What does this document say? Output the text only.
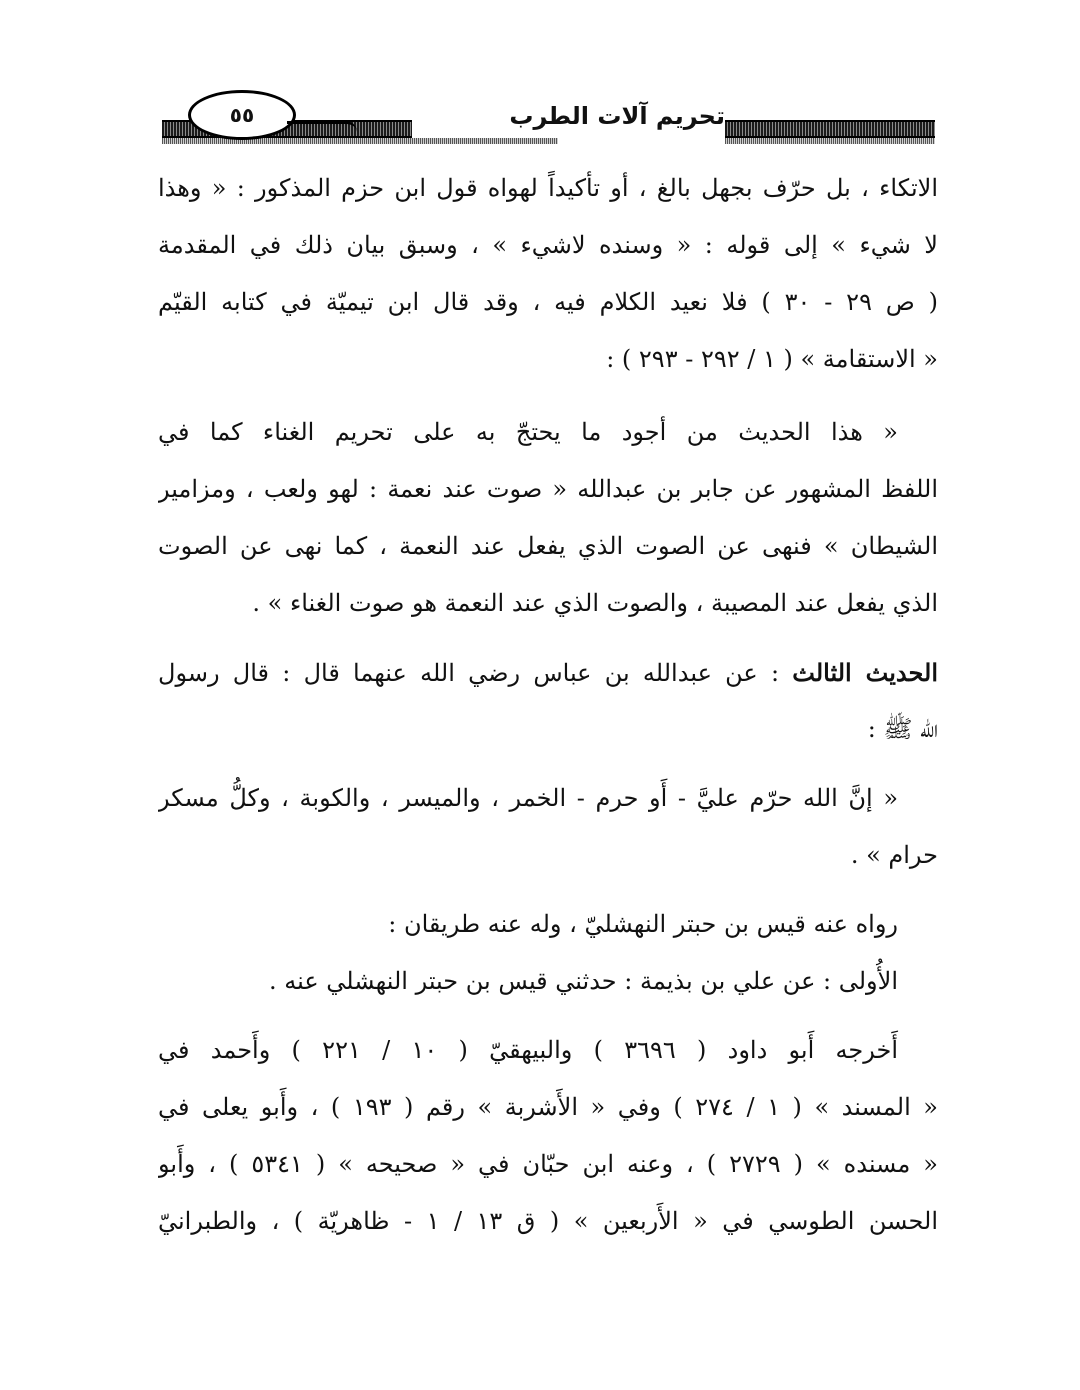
٥٥	تحريم آلات الطرب
الاتكاء ، بل حرّف بجهل بالغ ، أو تأكيداً لهواه قول ابن حزم المذكور : « وهذا
لا شيء » إلى قوله : « وسنده لاشيء » ، وسبق بيان ذلك في المقدمة
( ص ٢٩ - ٣٠ ) فلا نعيد الكلام فيه ، وقد قال ابن تيميّة في كتابه القيّم
« الاستقامة » ( ١ / ٢٩٢ - ٢٩٣ ) :
« هذا الحديث من أجود ما يحتجّ به على تحريم الغناء كما في
اللفظ المشهور عن جابر بن عبدالله « صوت عند نعمة : لهو ولعب ، ومزامير
الشيطان » فنهى عن الصوت الذي يفعل عند النعمة ، كما نهى عن الصوت
الذي يفعل عند المصيبة ، والصوت الذي عند النعمة هو صوت الغناء » .
الحديث الثالث : عن عبدالله بن عباس رضي الله عنهما قال : قال رسول
الله ﷺ :
« إنَّ الله حرّم عليَّ - أَو حرم - الخمر ، والميسر ، والكوبة ، وكلُّ مسكر
حرام » .
رواه عنه قيس بن حبتر النهشليّ ، وله عنه طريقان :
الأُولى : عن علي بن بذيمة : حدثني قيس بن حبتر النهشلي عنه .
أَخرجه أَبو داود ( ٣٦٩٦ ) والبيهقيّ ( ١٠ / ٢٢١ ) وأَحمد في
« المسند » ( ١ / ٢٧٤ ) وفي « الأَشربة » رقم ( ١٩٣ ) ، وأَبو يعلى في
« مسنده » ( ٢٧٢٩ ) ، وعنه ابن حبّان في « صحيحه » ( ٥٣٤١ ) ، وأَبو
الحسن الطوسي في « الأَربعين » ( ق ١٣ / ١ - ظاهريّة ) ، والطبرانيّ
